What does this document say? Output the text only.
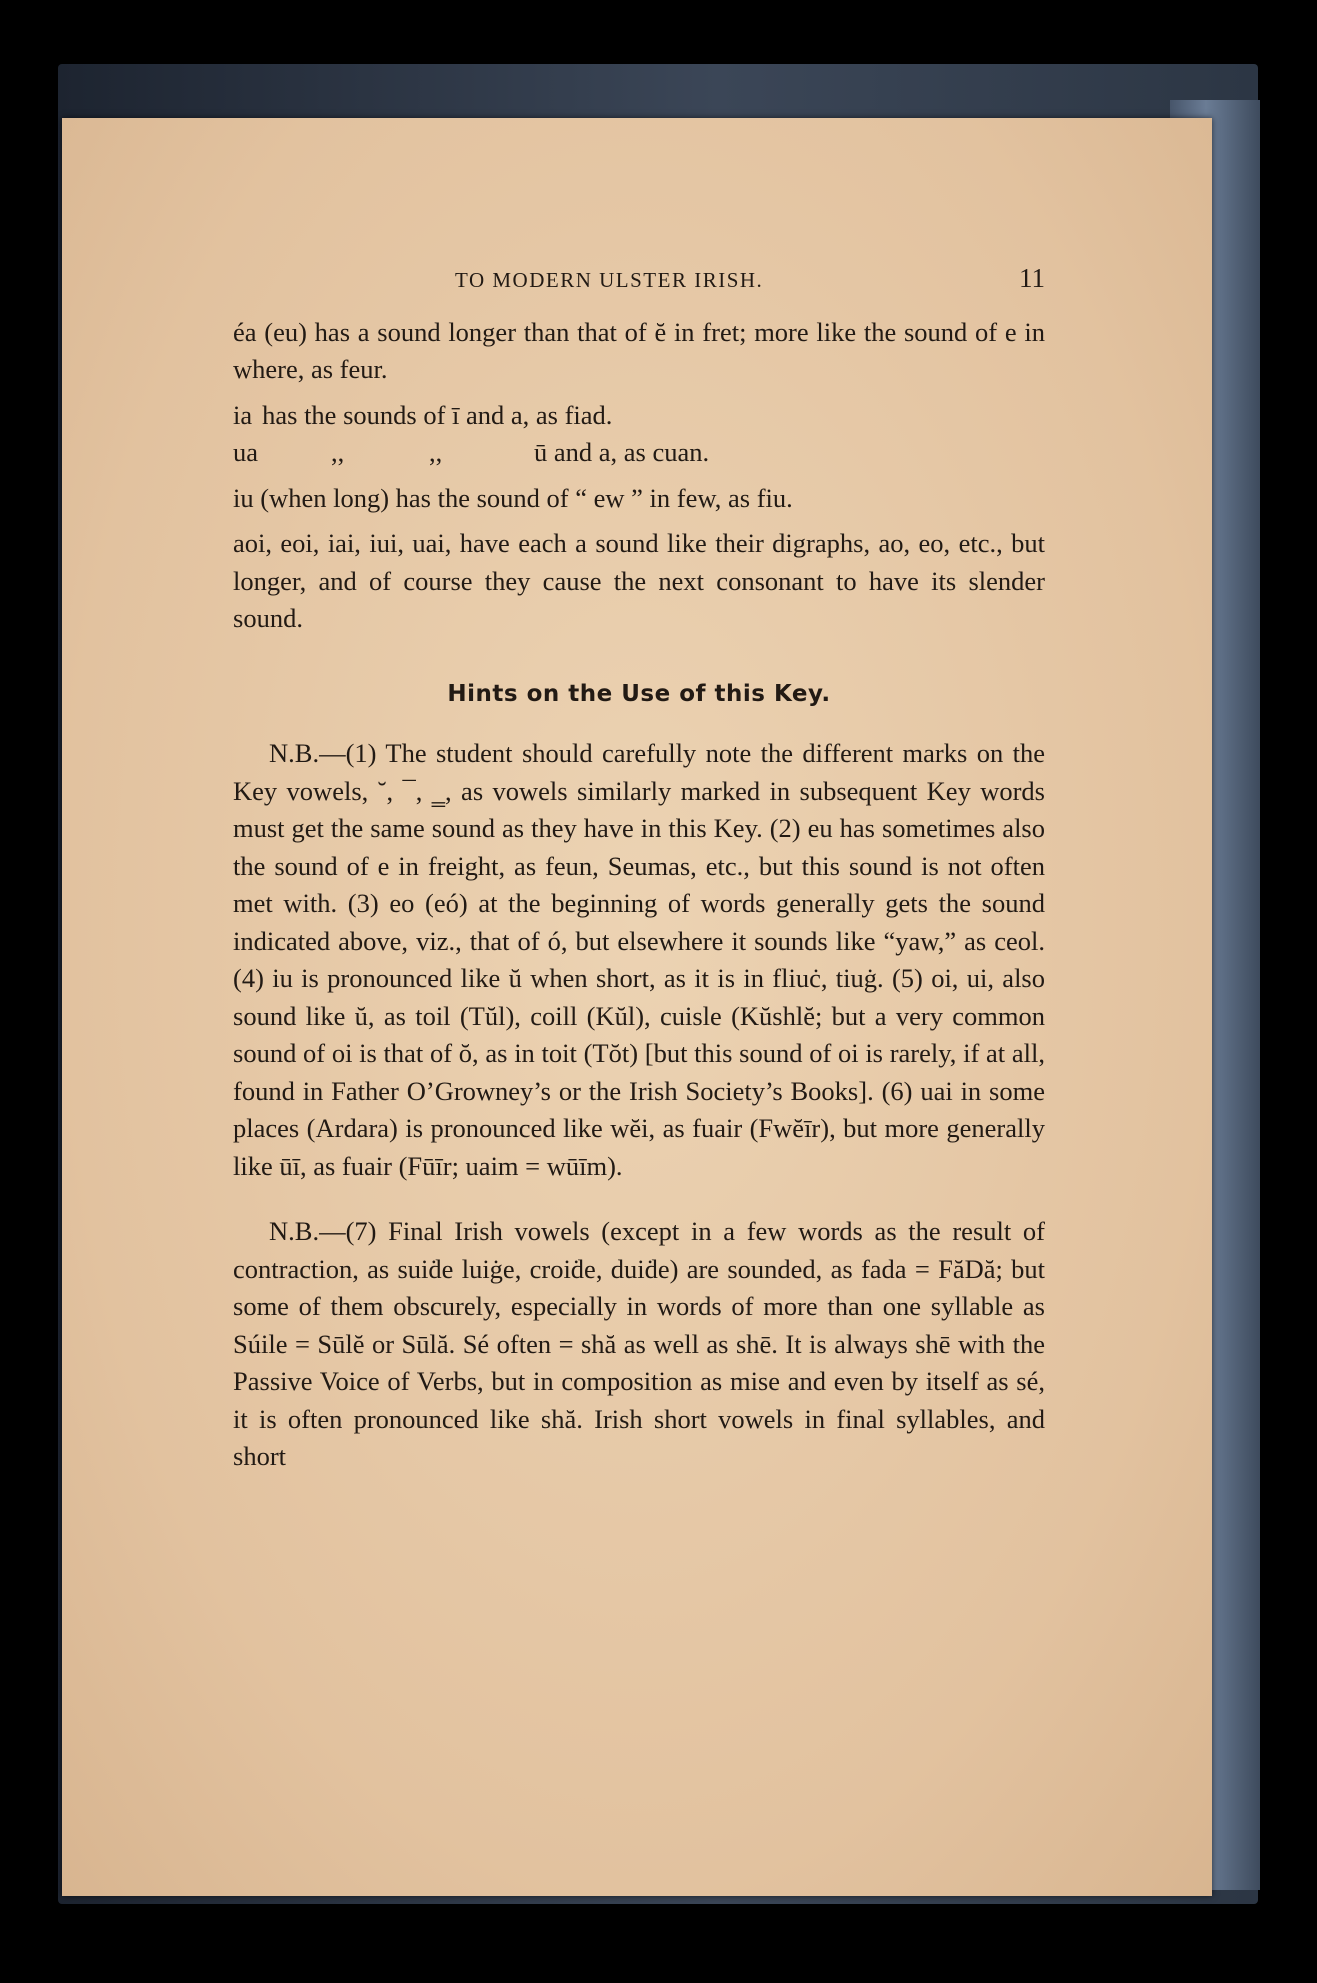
TO MODERN ULSTER IRISH.	11

éa (eu) has a sound longer than that of ĕ in fret; more like the sound of e in where, as feur.

ia has the sounds of ī and a, as fiad.
ua	,,	,,	ū and a, as cuan.

iu (when long) has the sound of “ ew ” in few, as fiu.

aoi, eoi, iai, iui, uai, have each a sound like their digraphs, ao, eo, etc., but longer, and of course they cause the next consonant to have its slender sound.

Hints on the Use of this Key.

N.B.—(1) The student should carefully note the different marks on the Key vowels, ˘, ¯, ‗, as vowels similarly marked in subsequent Key words must get the same sound as they have in this Key. (2) eu has sometimes also the sound of e in freight, as feun, Seumas, etc., but this sound is not often met with. (3) eo (eó) at the beginning of words generally gets the sound indicated above, viz., that of ó, but elsewhere it sounds like “yaw,” as ceol. (4) iu is pronounced like ŭ when short, as it is in fliuċ, tiuġ. (5) oi, ui, also sound like ŭ, as toil (Tŭl), coill (Kŭl), cuisle (Kŭshlĕ; but a very common sound of oi is that of ŏ, as in toit (Tŏt) [but this sound of oi is rarely, if at all, found in Father O’Growney’s or the Irish Society’s Books]. (6) uai in some places (Ardara) is pronounced like wĕi, as fuair (Fwĕīr), but more generally like ūī, as fuair (Fūīr; uaim = wūīm).

N.B.—(7) Final Irish vowels (except in a few words as the result of contraction, as suiḋe luiġe, croiḋe, duiḋe) are sounded, as fada = FăDă; but some of them obscurely, especially in words of more than one syllable as Súile = Sūlĕ or Sūlă. Sé often = shă as well as shē. It is always shē with the Passive Voice of Verbs, but in composition as mise and even by itself as sé, it is often pronounced like shă. Irish short vowels in final syllables, and short
